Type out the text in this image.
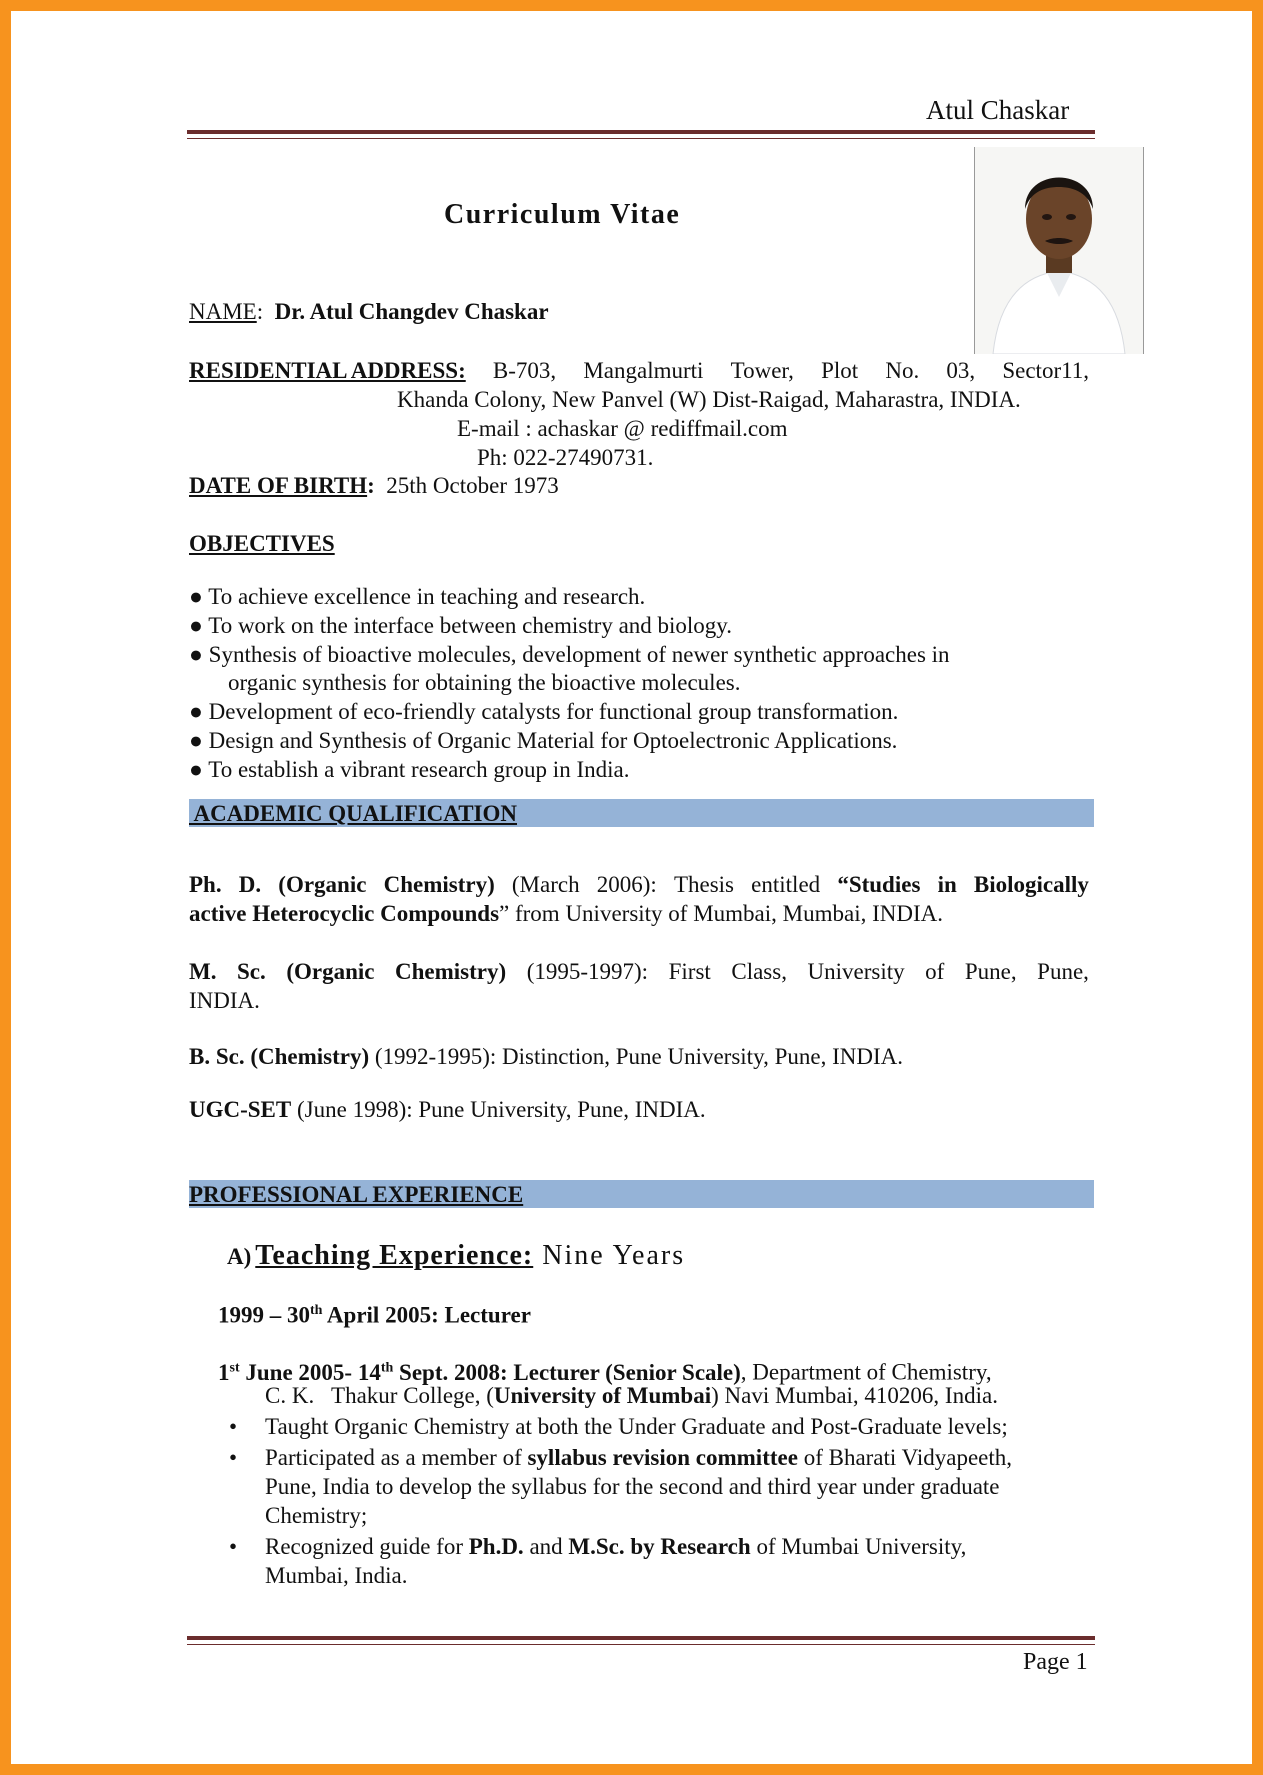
Atul Chaskar
Curriculum Vitae
NAME: Dr. Atul Changdev Chaskar
RESIDENTIAL ADDRESS: B-703, Mangalmurti Tower, Plot No. 03, Sector11,
Khanda Colony, New Panvel (W) Dist-Raigad, Maharastra, INDIA.
E-mail : achaskar @ rediffmail.com
Ph: 022-27490731.
DATE OF BIRTH: 25th October 1973
OBJECTIVES
● To achieve excellence in teaching and research.
● To work on the interface between chemistry and biology.
● Synthesis of bioactive molecules, development of newer synthetic approaches in
organic synthesis for obtaining the bioactive molecules.
● Development of eco-friendly catalysts for functional group transformation.
● Design and Synthesis of Organic Material for Optoelectronic Applications.
● To establish a vibrant research group in India.
ACADEMIC QUALIFICATION
Ph. D. (Organic Chemistry) (March 2006): Thesis entitled “Studies in Biologically
active Heterocyclic Compounds” from University of Mumbai, Mumbai, INDIA.
M. Sc. (Organic Chemistry) (1995-1997): First Class, University of Pune, Pune,
INDIA.
B. Sc. (Chemistry) (1992-1995): Distinction, Pune University, Pune, INDIA.
UGC-SET (June 1998): Pune University, Pune, INDIA.
PROFESSIONAL EXPERIENCE
A) Teaching Experience: Nine Years
1999 – 30th April 2005: Lecturer
1st June 2005- 14th Sept. 2008: Lecturer (Senior Scale), Department of Chemistry,
C. K.   Thakur College, (University of Mumbai) Navi Mumbai, 410206, India.
•	Taught Organic Chemistry at both the Under Graduate and Post-Graduate levels;
•	Participated as a member of syllabus revision committee of Bharati Vidyapeeth,
Pune, India to develop the syllabus for the second and third year under graduate
Chemistry;
•	Recognized guide for Ph.D. and M.Sc. by Research of Mumbai University,
Mumbai, India.
Page 1
